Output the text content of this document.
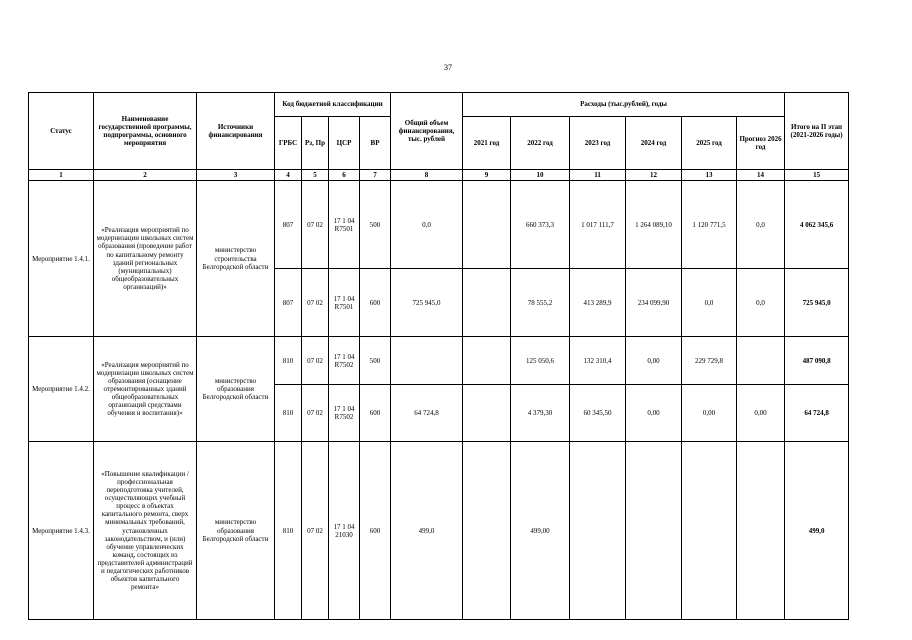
37
Статус	Наименование государственной программы, подпрограммы, основного мероприятия	Источники финансирования	Код бюджетной классификации				Общий объем финансирования, тыс. рублей	Расходы (тыс.рублей), годы						Итого на II этап (2021-2026 годы)
			ГРБС	Рз, Пр	ЦСР	ВР		2021 год	2022 год	2023 год	2024 год	2025 год	Прогноз 2026 год	
1	2	3	4	5	6	7	8	9	10	11	12	13	14	15
Мероприятие 1.4.1.	«Реализация мероприятий по модернизации школьных систем образования (проведение работ по капитальному ремонту зданий региональных (муниципальных) общеобразовательных организаций)»	министерство строительства Белгородской области	807	07 02	17 1 04 R7501	500	0,0		660 373,3	1 017 111,7	1 264 089,10	1 120 771,5	0,0	4 062 345,6
			807	07 02	17 1 04 R7501	600	725 945,0		78 555,2	413 289,9	234 099,90	0,0	0,0	725 945,0
Мероприятие 1.4.2.	«Реализация мероприятий по модернизации школьных систем образования (оснащение отремонтированных зданий общеобразовательных организаций средствами обучения и воспитания)»	министерство образования Белгородской области	810	07 02	17 1 04 R7502	500			125 050,6	132 310,4	0,00	229 729,8		487 090,8
			810	07 02	17 1 04 R7502	600	64 724,8		4 379,30	60 345,50	0,00	0,00	0,00	64 724,8
Мероприятие 1.4.3.	«Повышение квалификации / профессиональная переподготовка учителей, осуществляющих учебный процесс в объектах капитального ремонта, сверх минимальных требований, установленных законодательством, и (или) обучение управленческих команд, состоящих из представителей администраций и педагогических работников объектов капитального ремонта»	министерство образования Белгородской области	810	07 02	17 1 04 21030	600	499,0		499,00					499,0
